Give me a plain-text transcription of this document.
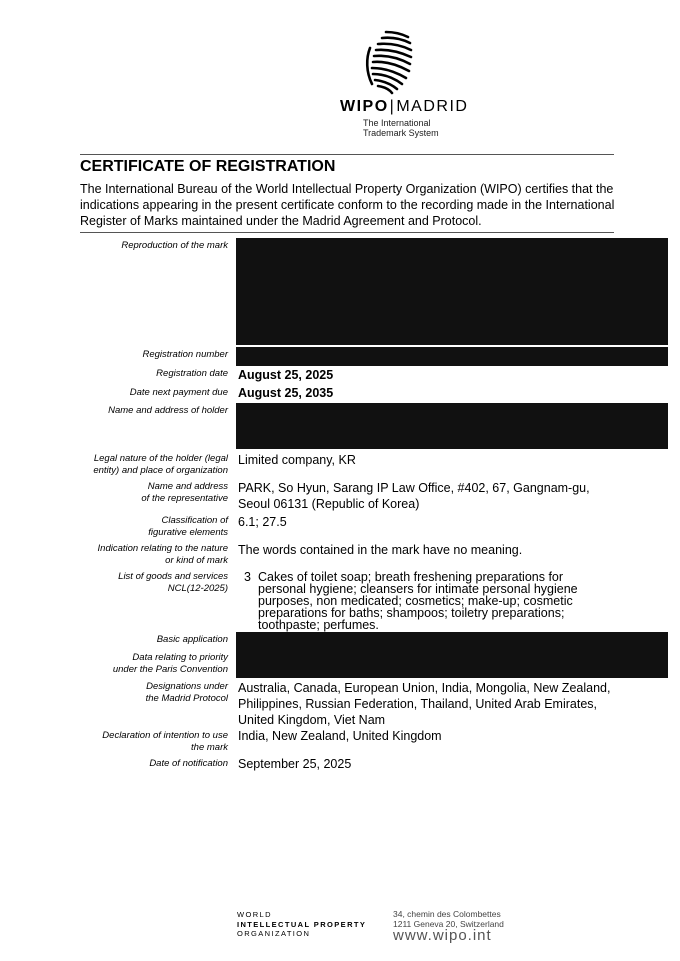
WIPO|MADRID
The International
Trademark System
CERTIFICATE OF REGISTRATION
The International Bureau of the World Intellectual Property Organization (WIPO) certifies that the indications appearing in the present certificate conform to the recording made in the International Register of Marks maintained under the Madrid Agreement and Protocol.
Reproduction of the mark
Registration number
Registration date August 25, 2025
Date next payment due August 25, 2035
Name and address of holder
Legal nature of the holder (legal
entity) and place of organization
Limited company, KR
Name and address
of the representative
PARK, So Hyun, Sarang IP Law Office, #402, 67, Gangnam-gu,
Seoul 06131 (Republic of Korea)
Classification of
figurative elements
6.1; 27.5
Indication relating to the nature
or kind of mark
The words contained in the mark have no meaning.
List of goods and services
NCL(12-2025)
3 Cakes of toilet soap; breath freshening preparations for
personal hygiene; cleansers for intimate personal hygiene
purposes, non medicated; cosmetics; make-up; cosmetic
preparations for baths; shampoos; toiletry preparations;
toothpaste; perfumes.
Basic application
Data relating to priority
under the Paris Convention
Designations under
the Madrid Protocol
Australia, Canada, European Union, India, Mongolia, New Zealand,
Philippines, Russian Federation, Thailand, United Arab Emirates,
United Kingdom, Viet Nam
Declaration of intention to use
the mark
India, New Zealand, United Kingdom
Date of notification September 25, 2025
WORLD
INTELLECTUAL PROPERTY
ORGANIZATION
34, chemin des Colombettes
1211 Geneva 20, Switzerland
www.wipo.int
